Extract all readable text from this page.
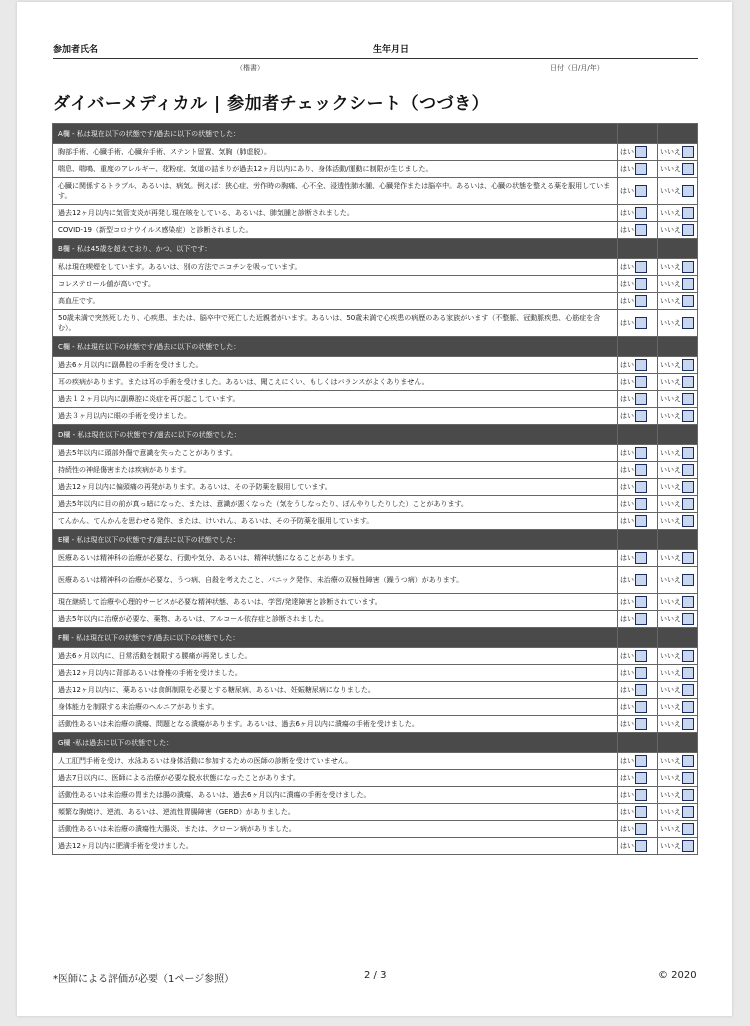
参加者氏名	生年月日
（楷書）	日付（日/月/年）
ダイバーメディカル | 参加者チェックシート（つづき）
A欄 - 私は現在以下の状態です/過去に以下の状態でした：		
胸部手術、心臓手術、心臓弁手術、ステント留置、気胸（肺虚脱）。	はい	いいえ
喘息、喘鳴、重度のアレルギー、花粉症、気道の詰まりが過去12ヶ月以内にあり、身体活動/運動に制限が生じました。	はい	いいえ
心臓に関係するトラブル、あるいは、病気。例えば：狭心症、労作時の胸痛、心不全、浸透性肺水腫、心臓発作または脳卒中。あるいは、心臓の状態を整える薬を服用しています。	はい	いいえ
過去12ヶ月以内に気管支炎が再発し現在咳をしている、あるいは、肺気腫と診断されました。	はい	いいえ
COVID-19（新型コロナウイルス感染症）と診断されました。	はい	いいえ
B欄 - 私は45歳を超えており、かつ、以下です：		
私は現在喫煙をしています。あるいは、別の方法でニコチンを吸っています。	はい	いいえ
コレステロール値が高いです。	はい	いいえ
高血圧です。	はい	いいえ
50歳未満で突然死したり、心疾患、または、脳卒中で死亡した近親者がいます。あるいは、50歳未満で心疾患の病歴のある家族がいます（不整脈、冠動脈疾患、心筋症を含む）。	はい	いいえ
C欄 - 私は現在以下の状態です/過去に以下の状態でした：		
過去6ヶ月以内に副鼻腔の手術を受けました。	はい	いいえ
耳の疾病があります。または耳の手術を受けました。あるいは、聞こえにくい、もしくはバランスがよくありません。	はい	いいえ
過去１２ヶ月以内に副鼻腔に炎症を再び起こしています。	はい	いいえ
過去３ヶ月以内に眼の手術を受けました。	はい	いいえ
D欄 - 私は現在以下の状態です/過去に以下の状態でした：		
過去5年以内に頭部外傷で意識を失ったことがあります。	はい	いいえ
持続性の神経傷害または疾病があります。	はい	いいえ
過去12ヶ月以内に偏頭痛の再発があります。あるいは、その予防薬を服用しています。	はい	いいえ
過去5年以内に目の前が真っ暗になった、または、意識が悪くなった（気をうしなったり、ぼんやりしたりした）ことがあります。	はい	いいえ
てんかん、てんかんを思わせる発作、または、けいれん、あるいは、その予防薬を服用しています。	はい	いいえ
E欄 - 私は現在以下の状態です/過去に以下の状態でした：		
医療あるいは精神科の治療が必要な、行動や気分、あるいは、精神状態になることがあります。	はい	いいえ
医療あるいは精神科の治療が必要な、うつ病、自殺を考えたこと、パニック発作、未治療の双極性障害（躁うつ病）があります。	はい	いいえ
現在継続して治療や心理的サービスが必要な精神状態、あるいは、学習/発達障害と診断されています。	はい	いいえ
過去5年以内に治療が必要な、薬物、あるいは、アルコール依存症と診断されました。	はい	いいえ
F欄 - 私は現在以下の状態です/過去に以下の状態でした：		
過去6ヶ月以内に、日常活動を制限する腰痛が再発しました。	はい	いいえ
過去12ヶ月以内に背部あるいは脊椎の手術を受けました。	はい	いいえ
過去12ヶ月以内に、薬あるいは食餌制限を必要とする糖尿病、あるいは、妊娠糖尿病になりました。	はい	いいえ
身体能力を制限する未治療のヘルニアがあります。	はい	いいえ
活動性あるいは未治療の潰瘍、問題となる潰瘍があります。あるいは、過去6ヶ月以内に潰瘍の手術を受けました。	はい	いいえ
G欄 -私は過去に以下の状態でした：		
人工肛門手術を受け、水泳あるいは身体活動に参加するための医師の診断を受けていません。	はい	いいえ
過去7日以内に、医師による治療が必要な脱水状態になったことがあります。	はい	いいえ
活動性あるいは未治療の胃または腸の潰瘍、あるいは、過去6ヶ月以内に潰瘍の手術を受けました。	はい	いいえ
頻繁な胸焼け、逆流、あるいは、逆流性胃腸障害（GERD）がありました。	はい	いいえ
活動性あるいは未治療の潰瘍性大腸炎、または、クローン病がありました。	はい	いいえ
過去12ヶ月以内に肥満手術を受けました。	はい	いいえ
*医師による評価が必要（1ページ参照）	2 / 3	© 2020
